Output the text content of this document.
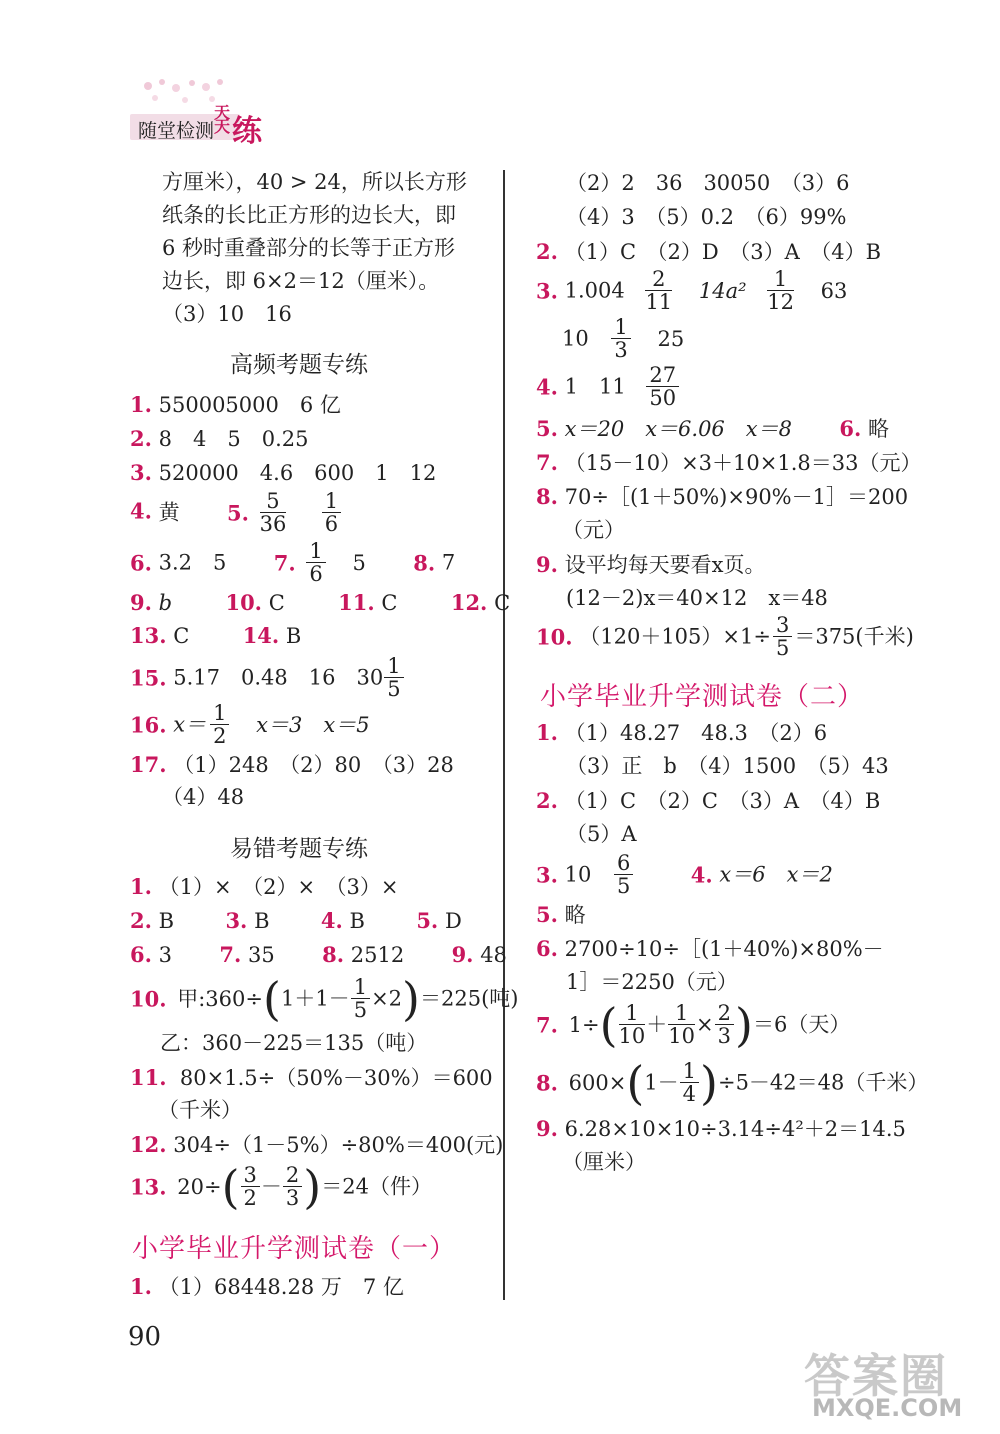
随堂检测
天天 练
方厘米），40 > 24，所以长方形
纸条的长比正方形的边长大，即
6 秒时重叠部分的长等于正方形
边长，即 6×2＝12（厘米）。
（3）10　16
高频考题专练
1. 550005000　6 亿
2. 8　4　5　0.25
3. 520000　4.6　600　1　12
4. 黄 5. $\frac{5}{36}$
$\frac{1}{6}$
6. 3.2　5 7. $\frac{1}{6} 5$ 8. 7
9. b	10. C	11. C	12. C
13. C	14. B
15. 5.17　0.48　16　$30 \frac{1}{5}$
16. $x= \frac{1}{2} x=3$　x＝5
17. （1）248　（2）80　（3）28
（4）48
易错考题专练
1. （1）×　（2）×　（3）×
2. B 3. B 4. B 5. D
6. 3 7. 35 8. 2512 9. 48
10. 甲:360÷(1＋1－ $\frac{1}{5} \times 2)=225$(吨)
乙：360－225＝135（吨）
11. 80×1.5÷（50%－30%）＝600
（千米）
12. 304÷（1－5%）÷80%＝400(元)
13. $20\div( \frac{3}{2} - \frac{2}{3} )=24$（件）
小学毕业升学测试卷（一）
1. （1）68448.28 万　7 亿
90
（2）2　36　30050　（3）6
（4）3　（5）0.2　（6）99%
2. （1）C　（2）D　（3）A　（4）B
3. $1.004 \frac{2}{11} 14a^2 \frac{1}{12} 63$
$10 \frac{1}{3} 25$
4. 1　$11 \frac{27}{50}$
5. x＝20　x＝6.06　x＝8 6. 略
7. （15－10）×3＋10×1.8＝33（元）
8. 70÷［(1＋50%)×90%－1］＝200
（元）
9. 设平均每天要看x页。
(12－2)x＝40×12　x＝48
10. $(120+105)\times 1\div \frac{3}{5} =375$(千米)
小学毕业升学测试卷（二）
1. （1）48.27　48.3　（2）6
（3）正　b　（4）1500　（5）43
2. （1）C　（2）C　（3）A　（4）B
（5）A
3. $10 \frac{6}{5}$	4. x＝6　x＝2
5. 略
6. 2700÷10÷［(1＋40%)×80%－
1］＝2250（元）
7. $1\div( \frac{1}{10} + \frac{1}{10} \times \frac{2}{3} )=6$（天）
8. $600\times(1- \frac{1}{4} )\div 5-42=48$（千米）
9. 6.28×10×10÷3.14÷4²＋2＝14.5
（厘米）
答案圈
MXQE.COM
